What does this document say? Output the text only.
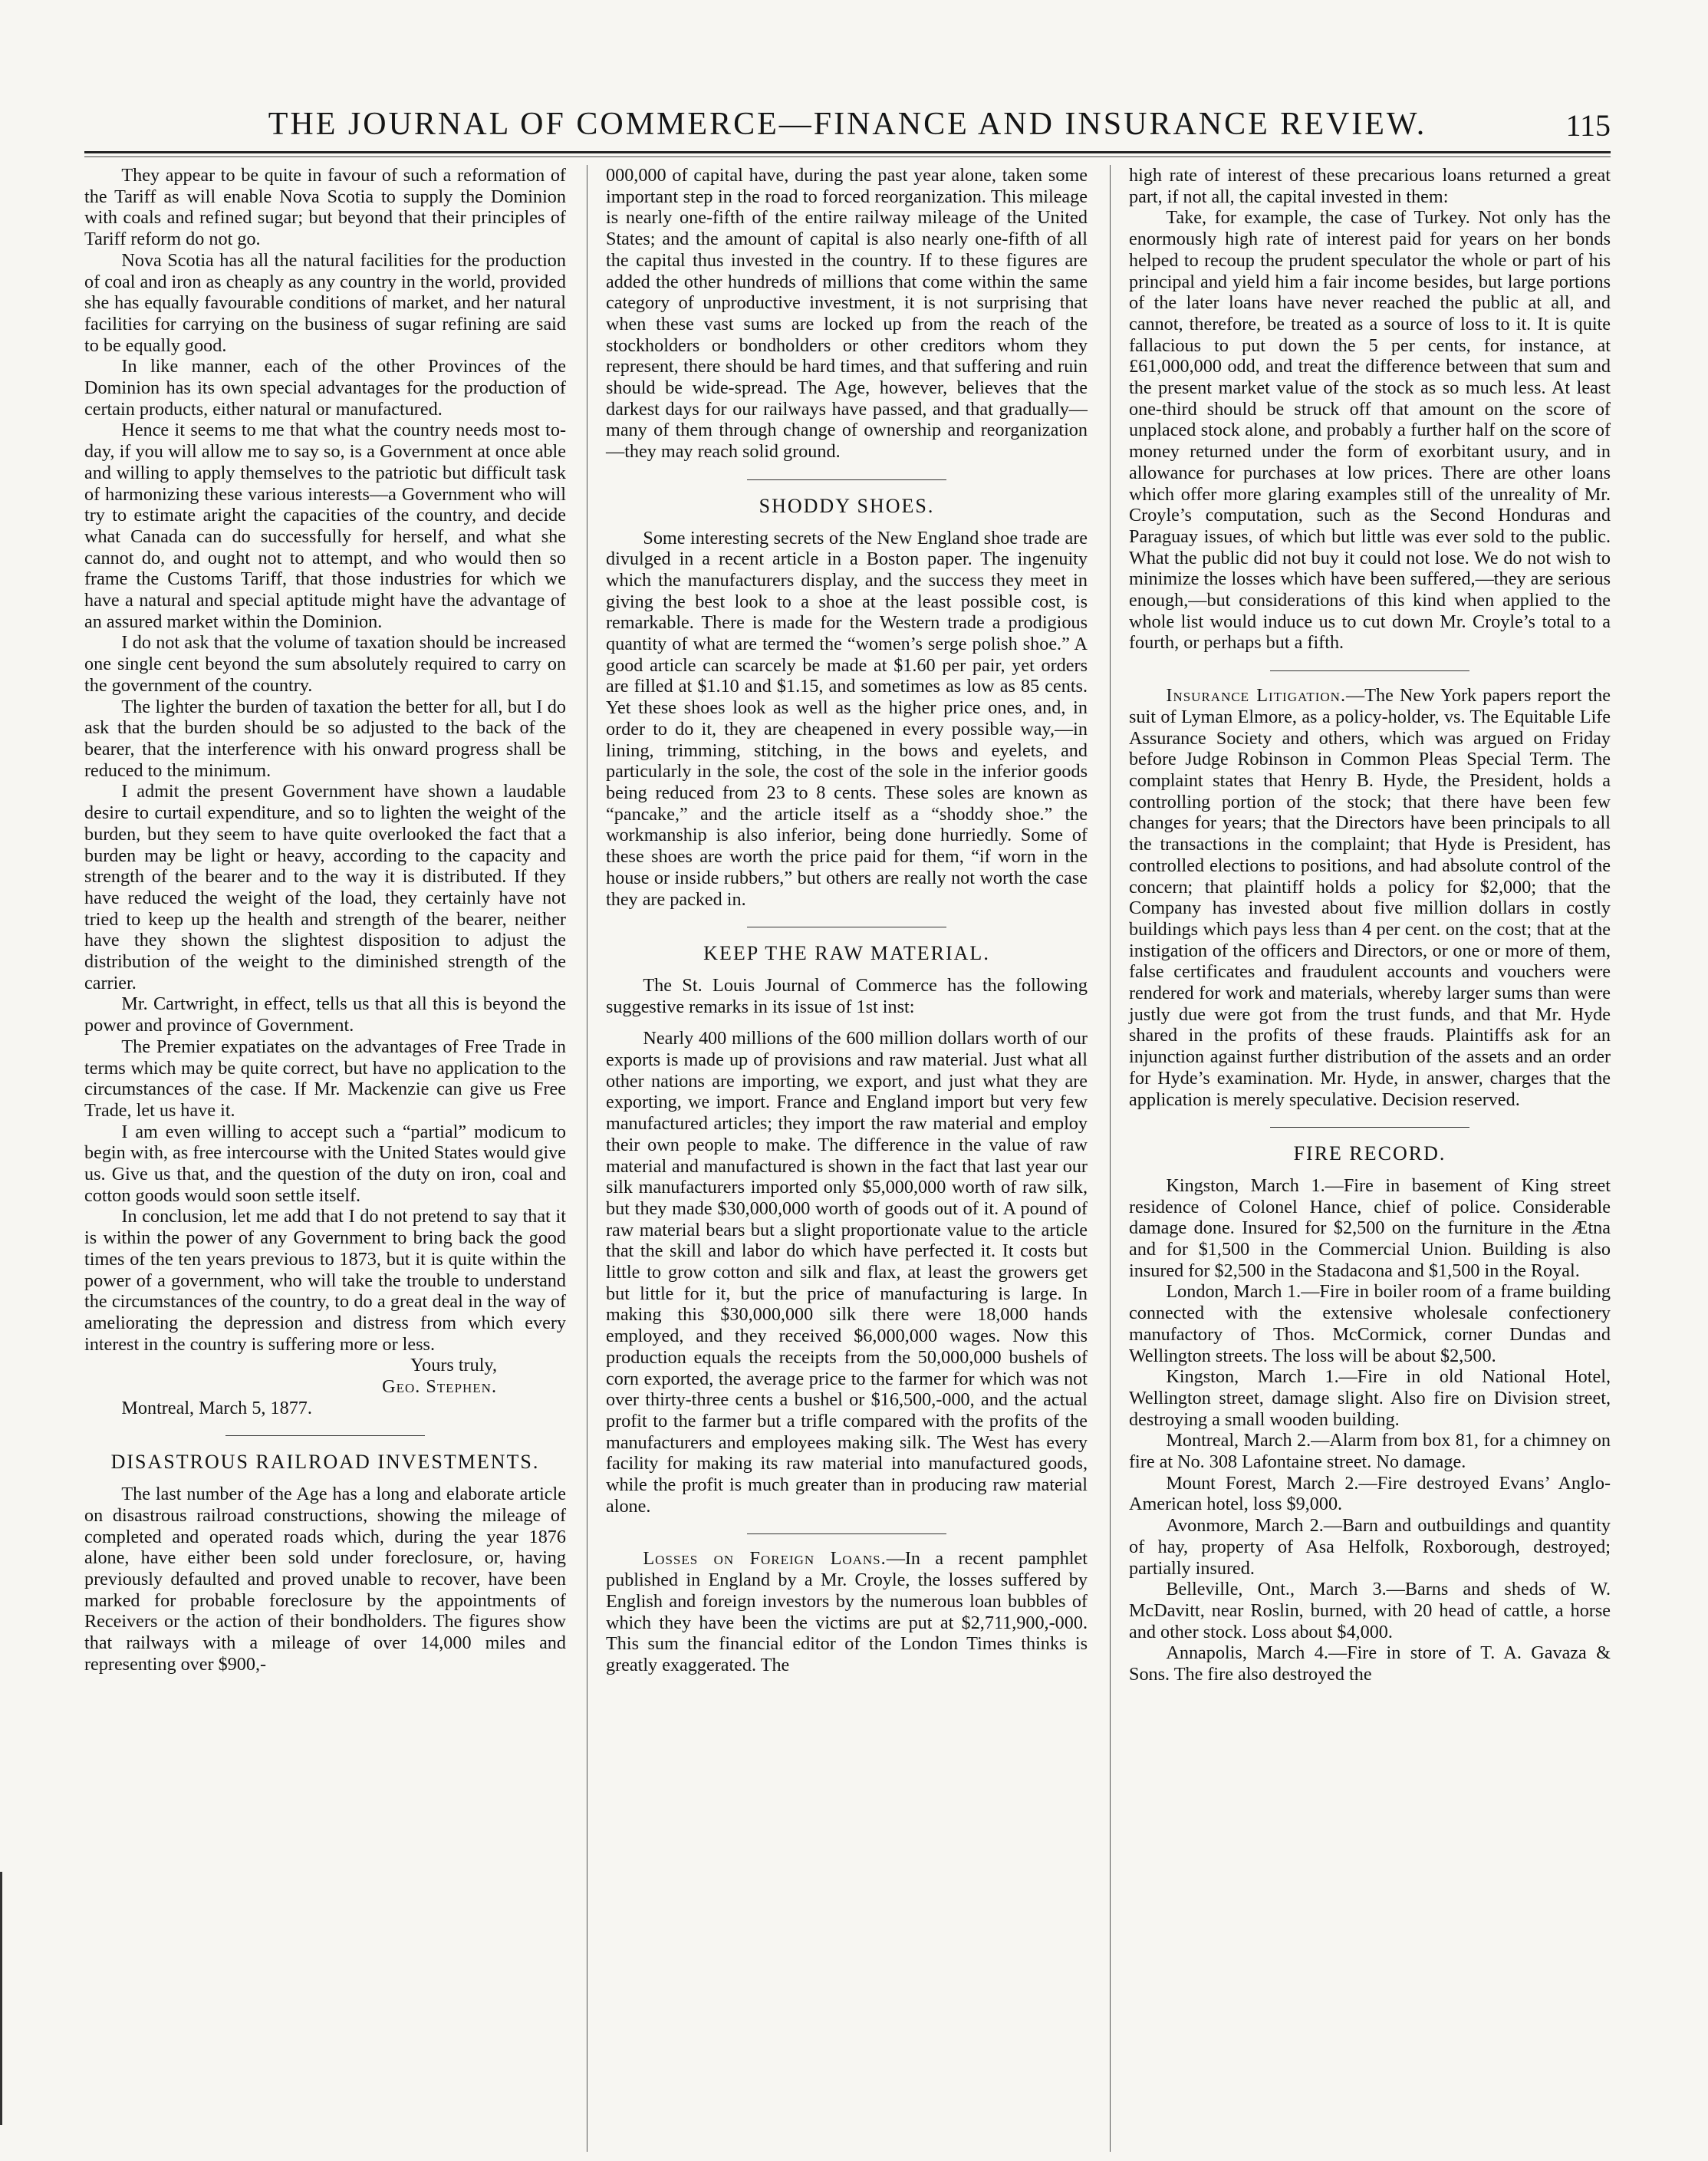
THE JOURNAL OF COMMERCE—FINANCE AND INSURANCE REVIEW.	115

They appear to be quite in favour of such a reformation of the Tariff as will enable Nova Scotia to supply the Dominion with coals and refined sugar; but beyond that their principles of Tariff reform do not go.

Nova Scotia has all the natural facilities for the production of coal and iron as cheaply as any country in the world, provided she has equally favourable conditions of market, and her natural facilities for carrying on the business of sugar refining are said to be equally good.

In like manner, each of the other Provinces of the Dominion has its own special advantages for the production of certain products, either natural or manufactured.

Hence it seems to me that what the country needs most to-day, if you will allow me to say so, is a Government at once able and willing to apply themselves to the patriotic but difficult task of harmonizing these various interests—a Government who will try to estimate aright the capacities of the country, and decide what Canada can do successfully for herself, and what she cannot do, and ought not to attempt, and who would then so frame the Customs Tariff, that those industries for which we have a natural and special aptitude might have the advantage of an assured market within the Dominion.

I do not ask that the volume of taxation should be increased one single cent beyond the sum absolutely required to carry on the government of the country.

The lighter the burden of taxation the better for all, but I do ask that the burden should be so adjusted to the back of the bearer, that the interference with his onward progress shall be reduced to the minimum.

I admit the present Government have shown a laudable desire to curtail expenditure, and so to lighten the weight of the burden, but they seem to have quite overlooked the fact that a burden may be light or heavy, according to the capacity and strength of the bearer and to the way it is distributed. If they have reduced the weight of the load, they certainly have not tried to keep up the health and strength of the bearer, neither have they shown the slightest disposition to adjust the distribution of the weight to the diminished strength of the carrier.

Mr. Cartwright, in effect, tells us that all this is beyond the power and province of Government.

The Premier expatiates on the advantages of Free Trade in terms which may be quite correct, but have no application to the circumstances of the case. If Mr. Mackenzie can give us Free Trade, let us have it.

I am even willing to accept such a “partial” modicum to begin with, as free intercourse with the United States would give us. Give us that, and the question of the duty on iron, coal and cotton goods would soon settle itself.

In conclusion, let me add that I do not pretend to say that it is within the power of any Government to bring back the good times of the ten years previous to 1873, but it is quite within the power of a government, who will take the trouble to understand the circumstances of the country, to do a great deal in the way of ameliorating the depression and distress from which every interest in the country is suffering more or less.

Yours truly,

Geo. Stephen.

Montreal, March 5, 1877.

DISASTROUS RAILROAD INVESTMENTS.

The last number of the Age has a long and elaborate article on disastrous railroad constructions, showing the mileage of completed and operated roads which, during the year 1876 alone, have either been sold under foreclosure, or, having previously defaulted and proved unable to recover, have been marked for probable foreclosure by the appointments of Receivers or the action of their bondholders. The figures show that railways with a mileage of over 14,000 miles and representing over $900,-

000,000 of capital have, during the past year alone, taken some important step in the road to forced reorganization. This mileage is nearly one-fifth of the entire railway mileage of the United States; and the amount of capital is also nearly one-fifth of all the capital thus invested in the country. If to these figures are added the other hundreds of millions that come within the same category of unproductive investment, it is not surprising that when these vast sums are locked up from the reach of the stockholders or bondholders or other creditors whom they represent, there should be hard times, and that suffering and ruin should be wide-spread. The Age, however, believes that the darkest days for our railways have passed, and that gradually—many of them through change of ownership and reorganization—they may reach solid ground.

SHODDY SHOES.

Some interesting secrets of the New England shoe trade are divulged in a recent article in a Boston paper. The ingenuity which the manufacturers display, and the success they meet in giving the best look to a shoe at the least possible cost, is remarkable. There is made for the Western trade a prodigious quantity of what are termed the “women’s serge polish shoe.” A good article can scarcely be made at $1.60 per pair, yet orders are filled at $1.10 and $1.15, and sometimes as low as 85 cents. Yet these shoes look as well as the higher price ones, and, in order to do it, they are cheapened in every possible way,—in lining, trimming, stitching, in the bows and eyelets, and particularly in the sole, the cost of the sole in the inferior goods being reduced from 23 to 8 cents. These soles are known as “pancake,” and the article itself as a “shoddy shoe.” the workmanship is also inferior, being done hurriedly. Some of these shoes are worth the price paid for them, “if worn in the house or inside rubbers,” but others are really not worth the case they are packed in.

KEEP THE RAW MATERIAL.

The St. Louis Journal of Commerce has the following suggestive remarks in its issue of 1st inst:

Nearly 400 millions of the 600 million dollars worth of our exports is made up of provisions and raw material. Just what all other nations are importing, we export, and just what they are exporting, we import. France and England import but very few manufactured articles; they import the raw material and employ their own people to make. The difference in the value of raw material and manufactured is shown in the fact that last year our silk manufacturers imported only $5,000,000 worth of raw silk, but they made $30,000,000 worth of goods out of it. A pound of raw material bears but a slight proportionate value to the article that the skill and labor do which have perfected it. It costs but little to grow cotton and silk and flax, at least the growers get but little for it, but the price of manufacturing is large. In making this $30,000,000 silk there were 18,000 hands employed, and they received $6,000,000 wages. Now this production equals the receipts from the 50,000,000 bushels of corn exported, the average price to the farmer for which was not over thirty-three cents a bushel or $16,500,-000, and the actual profit to the farmer but a trifle compared with the profits of the manufacturers and employees making silk. The West has every facility for making its raw material into manufactured goods, while the profit is much greater than in producing raw material alone.

Losses on Foreign Loans.—In a recent pamphlet published in England by a Mr. Croyle, the losses suffered by English and foreign investors by the numerous loan bubbles of which they have been the victims are put at $2,711,900,-000. This sum the financial editor of the London Times thinks is greatly exaggerated. The

high rate of interest of these precarious loans returned a great part, if not all, the capital invested in them:

Take, for example, the case of Turkey. Not only has the enormously high rate of interest paid for years on her bonds helped to recoup the prudent speculator the whole or part of his principal and yield him a fair income besides, but large portions of the later loans have never reached the public at all, and cannot, therefore, be treated as a source of loss to it. It is quite fallacious to put down the 5 per cents, for instance, at £61,000,000 odd, and treat the difference between that sum and the present market value of the stock as so much less. At least one-third should be struck off that amount on the score of unplaced stock alone, and probably a further half on the score of money returned under the form of exorbitant usury, and in allowance for purchases at low prices. There are other loans which offer more glaring examples still of the unreality of Mr. Croyle’s computation, such as the Second Honduras and Paraguay issues, of which but little was ever sold to the public. What the public did not buy it could not lose. We do not wish to minimize the losses which have been suffered,—they are serious enough,—but considerations of this kind when applied to the whole list would induce us to cut down Mr. Croyle’s total to a fourth, or perhaps but a fifth.

Insurance Litigation.—The New York papers report the suit of Lyman Elmore, as a policy-holder, vs. The Equitable Life Assurance Society and others, which was argued on Friday before Judge Robinson in Common Pleas Special Term. The complaint states that Henry B. Hyde, the President, holds a controlling portion of the stock; that there have been few changes for years; that the Directors have been principals to all the transactions in the complaint; that Hyde is President, has controlled elections to positions, and had absolute control of the concern; that plaintiff holds a policy for $2,000; that the Company has invested about five million dollars in costly buildings which pays less than 4 per cent. on the cost; that at the instigation of the officers and Directors, or one or more of them, false certificates and fraudulent accounts and vouchers were rendered for work and materials, whereby larger sums than were justly due were got from the trust funds, and that Mr. Hyde shared in the profits of these frauds. Plaintiffs ask for an injunction against further distribution of the assets and an order for Hyde’s examination. Mr. Hyde, in answer, charges that the application is merely speculative. Decision reserved.

FIRE RECORD.

Kingston, March 1.—Fire in basement of King street residence of Colonel Hance, chief of police. Considerable damage done. Insured for $2,500 on the furniture in the Ætna and for $1,500 in the Commercial Union. Building is also insured for $2,500 in the Stadacona and $1,500 in the Royal.

London, March 1.—Fire in boiler room of a frame building connected with the extensive wholesale confectionery manufactory of Thos. McCormick, corner Dundas and Wellington streets. The loss will be about $2,500.

Kingston, March 1.—Fire in old National Hotel, Wellington street, damage slight. Also fire on Division street, destroying a small wooden building.

Montreal, March 2.—Alarm from box 81, for a chimney on fire at No. 308 Lafontaine street. No damage.

Mount Forest, March 2.—Fire destroyed Evans’ Anglo-American hotel, loss $9,000.

Avonmore, March 2.—Barn and outbuildings and quantity of hay, property of Asa Helfolk, Roxborough, destroyed; partially insured.

Belleville, Ont., March 3.—Barns and sheds of W. McDavitt, near Roslin, burned, with 20 head of cattle, a horse and other stock. Loss about $4,000.

Annapolis, March 4.—Fire in store of T. A. Gavaza & Sons. The fire also destroyed the
